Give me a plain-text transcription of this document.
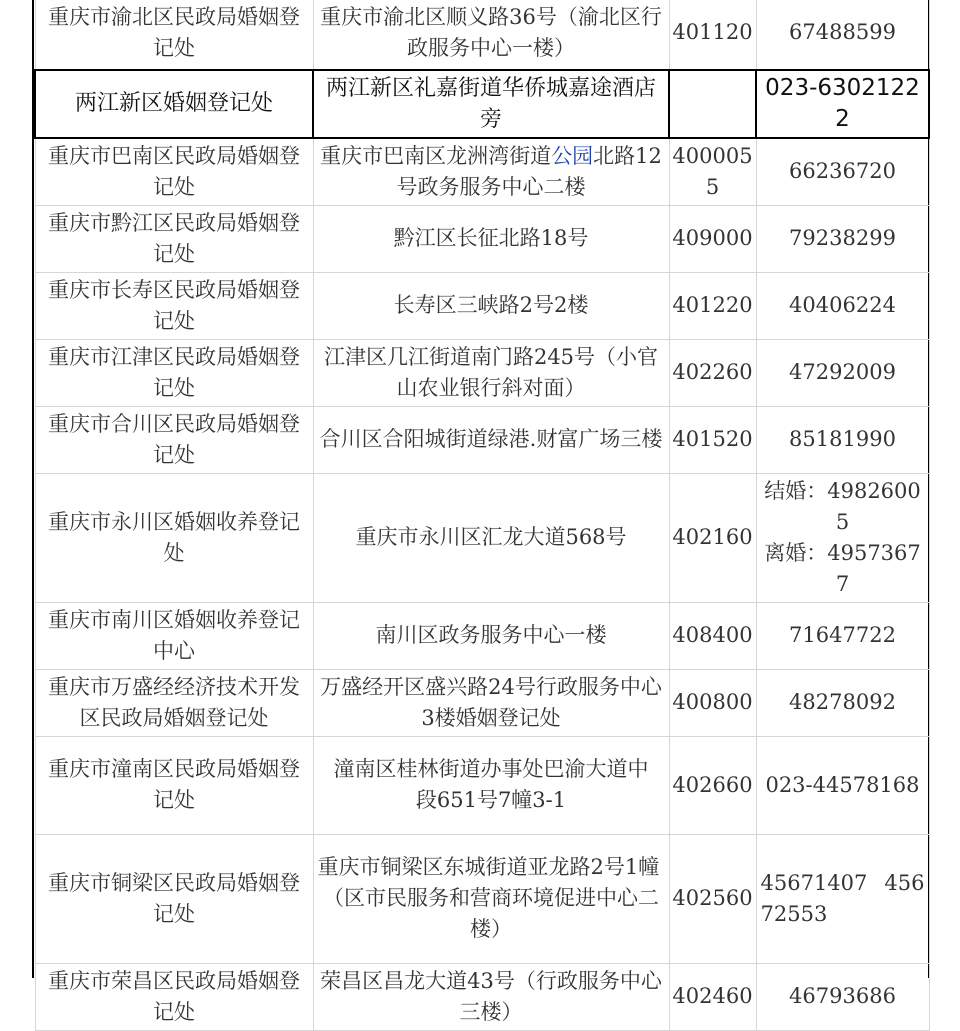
重庆市渝北区民政局婚姻登记处	重庆市渝北区顺义路36号（渝北区行政服务中心一楼）	401120	67488599
两江新区婚姻登记处	两江新区礼嘉街道华侨城嘉途酒店旁		023-63021222
重庆市巴南区民政局婚姻登记处	重庆市巴南区龙洲湾街道公园北路12号政务服务中心二楼	4000055	66236720
重庆市黔江区民政局婚姻登记处	黔江区长征北路18号	409000	79238299
重庆市长寿区民政局婚姻登记处	长寿区三峡路2号2楼	401220	40406224
重庆市江津区民政局婚姻登记处	江津区几江街道南门路245号（小官山农业银行斜对面）	402260	47292009
重庆市合川区民政局婚姻登记处	合川区合阳城街道绿港.财富广场三楼	401520	85181990
重庆市永川区婚姻收养登记处	重庆市永川区汇龙大道568号	402160	结婚：49826005
离婚：49573677

重庆市南川区婚姻收养登记中心	南川区政务服务中心一楼	408400	71647722
重庆市万盛经经济技术开发区民政局婚姻登记处	万盛经开区盛兴路24号行政服务中心3楼婚姻登记处	400800	48278092
重庆市潼南区民政局婚姻登记处	潼南区桂林街道办事处巴渝大道中
段651号7幢3-1	402660	023-44578168
重庆市铜梁区民政局婚姻登记处	重庆市铜梁区东城街道亚龙路2号1幢
（区市民服务和营商环境促进中心二楼）	402560	45671407 45672553

重庆市荣昌区民政局婚姻登记处	荣昌区昌龙大道43号（行政服务中心三楼）	402460	46793686
